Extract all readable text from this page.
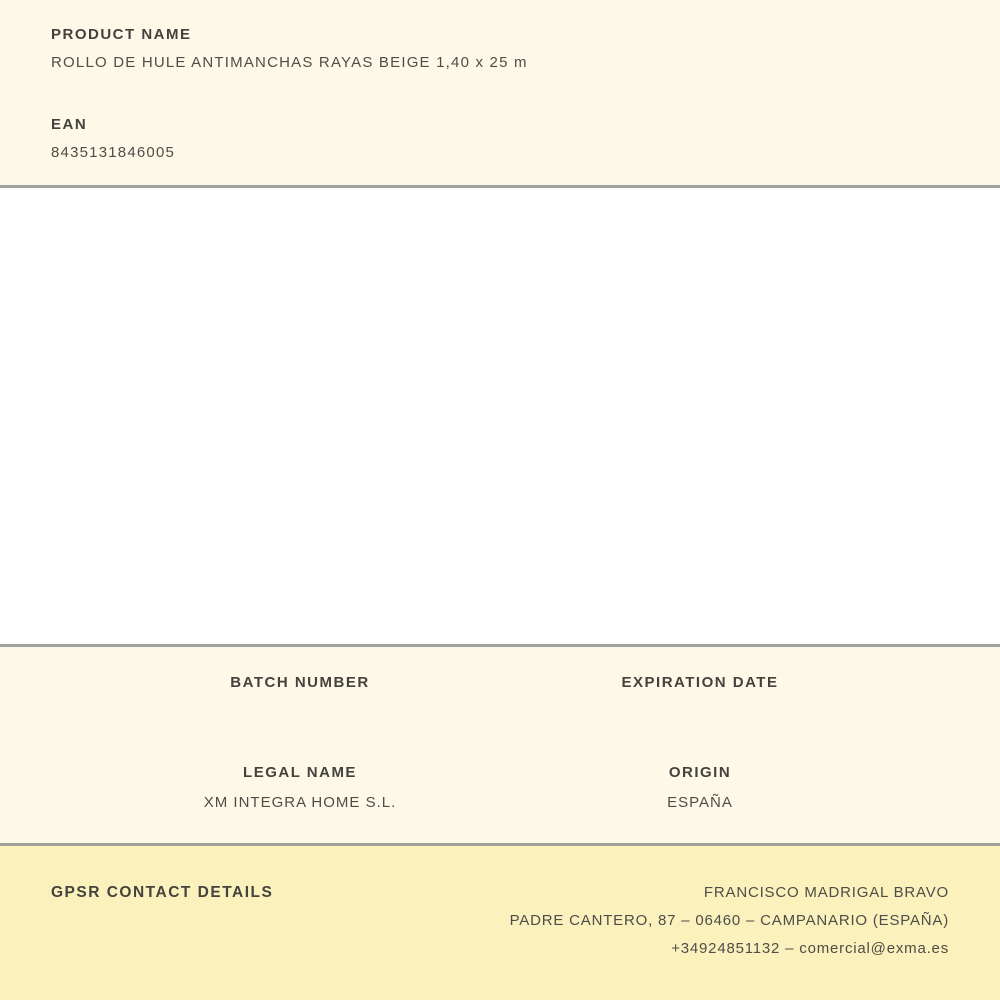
PRODUCT NAME
ROLLO DE HULE ANTIMANCHAS RAYAS BEIGE 1,40 x 25 m
EAN
8435131846005
BATCH NUMBER	EXPIRATION DATE
LEGAL NAME	ORIGIN
XM INTEGRA HOME S.L.	ESPAÑA
GPSR CONTACT DETAILS	FRANCISCO MADRIGAL BRAVO
PADRE CANTERO, 87 – 06460 – CAMPANARIO (ESPAÑA)
+34924851132 – comercial@exma.es
